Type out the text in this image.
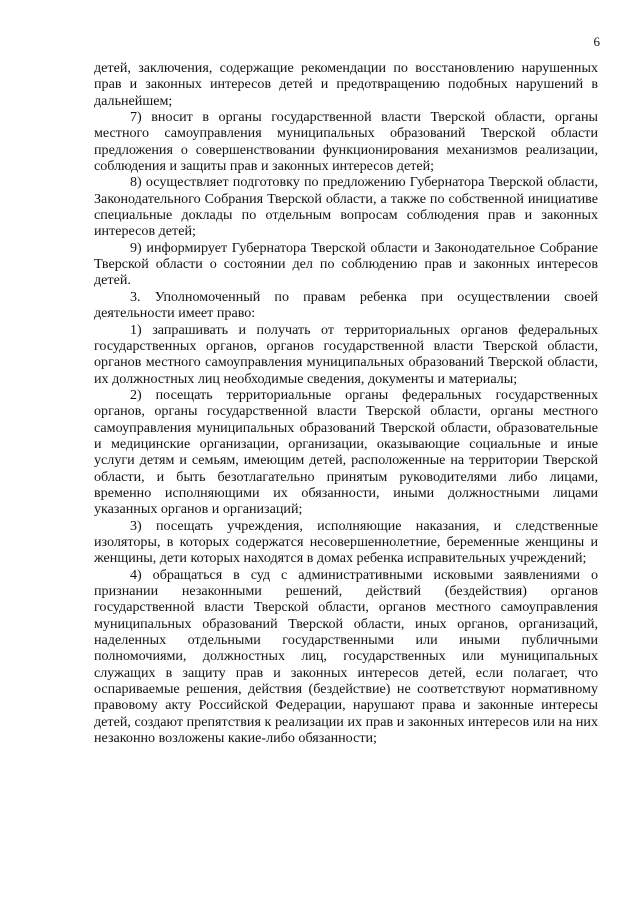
6

детей, заключения, содержащие рекомендации по восстановлению нарушенных прав и законных интересов детей и предотвращению подобных нарушений в дальнейшем;

7) вносит в органы государственной власти Тверской области, органы местного самоуправления муниципальных образований Тверской области предложения о совершенствовании функционирования механизмов реализации, соблюдения и защиты прав и законных интересов детей;

8) осуществляет подготовку по предложению Губернатора Тверской области, Законодательного Собрания Тверской области, а также по собственной инициативе специальные доклады по отдельным вопросам соблюдения прав и законных интересов детей;

9) информирует Губернатора Тверской области и Законодательное Собрание Тверской области о состоянии дел по соблюдению прав и законных интересов детей.

3. Уполномоченный по правам ребенка при осуществлении своей деятельности имеет право:

1) запрашивать и получать от территориальных органов федеральных государственных органов, органов государственной власти Тверской области, органов местного самоуправления муниципальных образований Тверской области, их должностных лиц необходимые сведения, документы и материалы;

2) посещать территориальные органы федеральных государственных органов, органы государственной власти Тверской области, органы местного самоуправления муниципальных образований Тверской области, образовательные и медицинские организации, организации, оказывающие социальные и иные услуги детям и семьям, имеющим детей, расположенные на территории Тверской области, и быть безотлагательно принятым руководителями либо лицами, временно исполняющими их обязанности, иными должностными лицами указанных органов и организаций;

3) посещать учреждения, исполняющие наказания, и следственные изоляторы, в которых содержатся несовершеннолетние, беременные женщины и женщины, дети которых находятся в домах ребенка исправительных учреждений;

4) обращаться в суд с административными исковыми заявлениями о признании незаконными решений, действий (бездействия) органов государственной власти Тверской области, органов местного самоуправления муниципальных образований Тверской области, иных органов, организаций, наделенных отдельными государственными или иными публичными полномочиями, должностных лиц, государственных или муниципальных служащих в защиту прав и законных интересов детей, если полагает, что оспариваемые решения, действия (бездействие) не соответствуют нормативному правовому акту Российской Федерации, нарушают права и законные интересы детей, создают препятствия к реализации их прав и законных интересов или на них незаконно возложены какие-либо обязанности;
